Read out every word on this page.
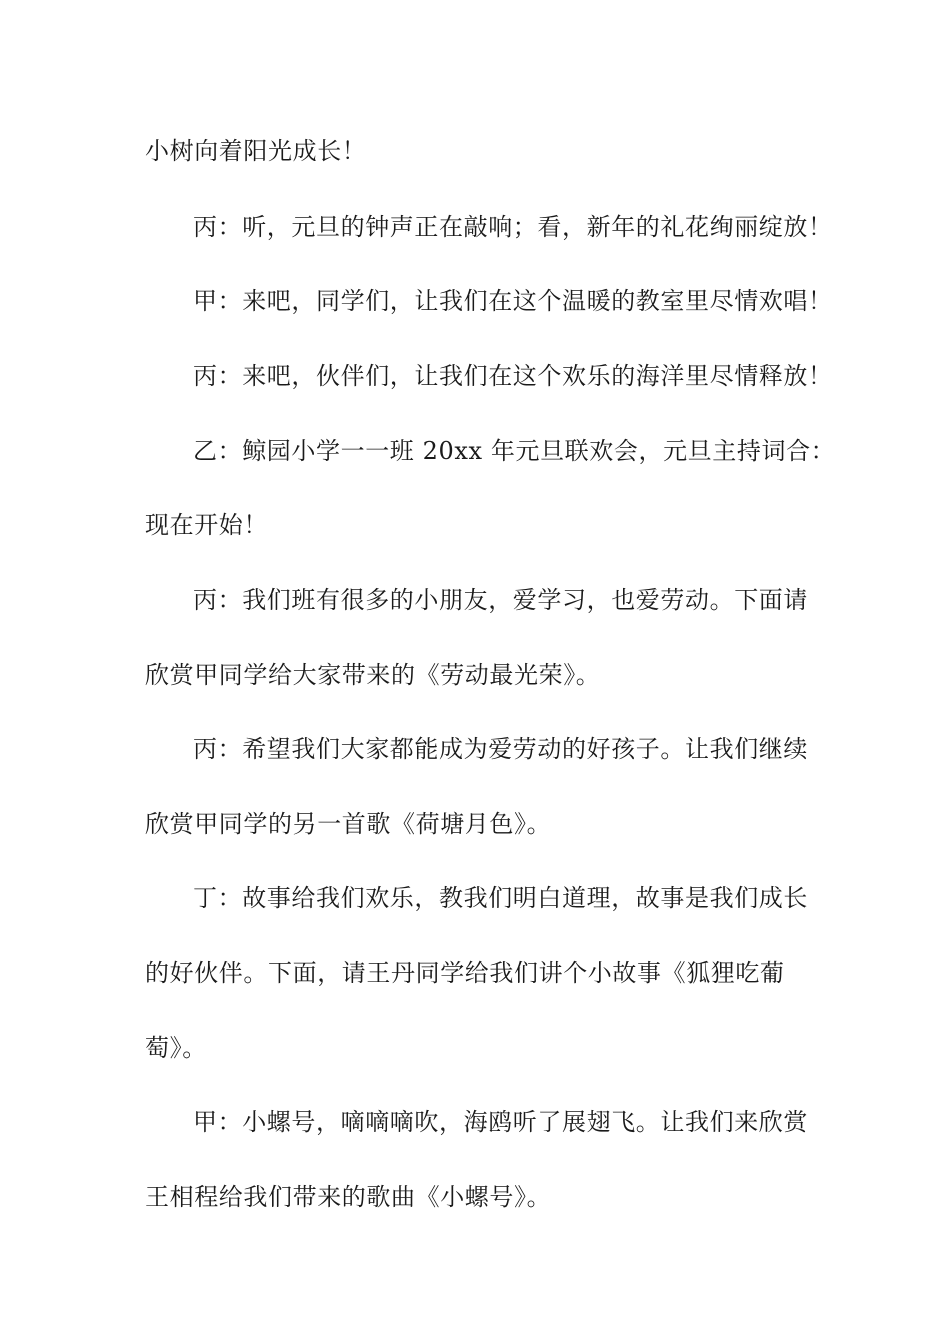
小树向着阳光成长！
丙：听，元旦的钟声正在敲响；看，新年的礼花绚丽绽放！
甲：来吧，同学们，让我们在这个温暖的教室里尽情欢唱！
丙：来吧，伙伴们，让我们在这个欢乐的海洋里尽情释放！
乙：鲸园小学一一班 20xx 年元旦联欢会，元旦主持词合：
现在开始！
丙：我们班有很多的小朋友，爱学习，也爱劳动。下面请
欣赏甲同学给大家带来的《劳动最光荣》。
丙：希望我们大家都能成为爱劳动的好孩子。让我们继续
欣赏甲同学的另一首歌《荷塘月色》。
丁：故事给我们欢乐，教我们明白道理，故事是我们成长
的好伙伴。下面，请王丹同学给我们讲个小故事《狐狸吃葡
萄》。
甲：小螺号，嘀嘀嘀吹，海鸥听了展翅飞。让我们来欣赏
王相程给我们带来的歌曲《小螺号》。
